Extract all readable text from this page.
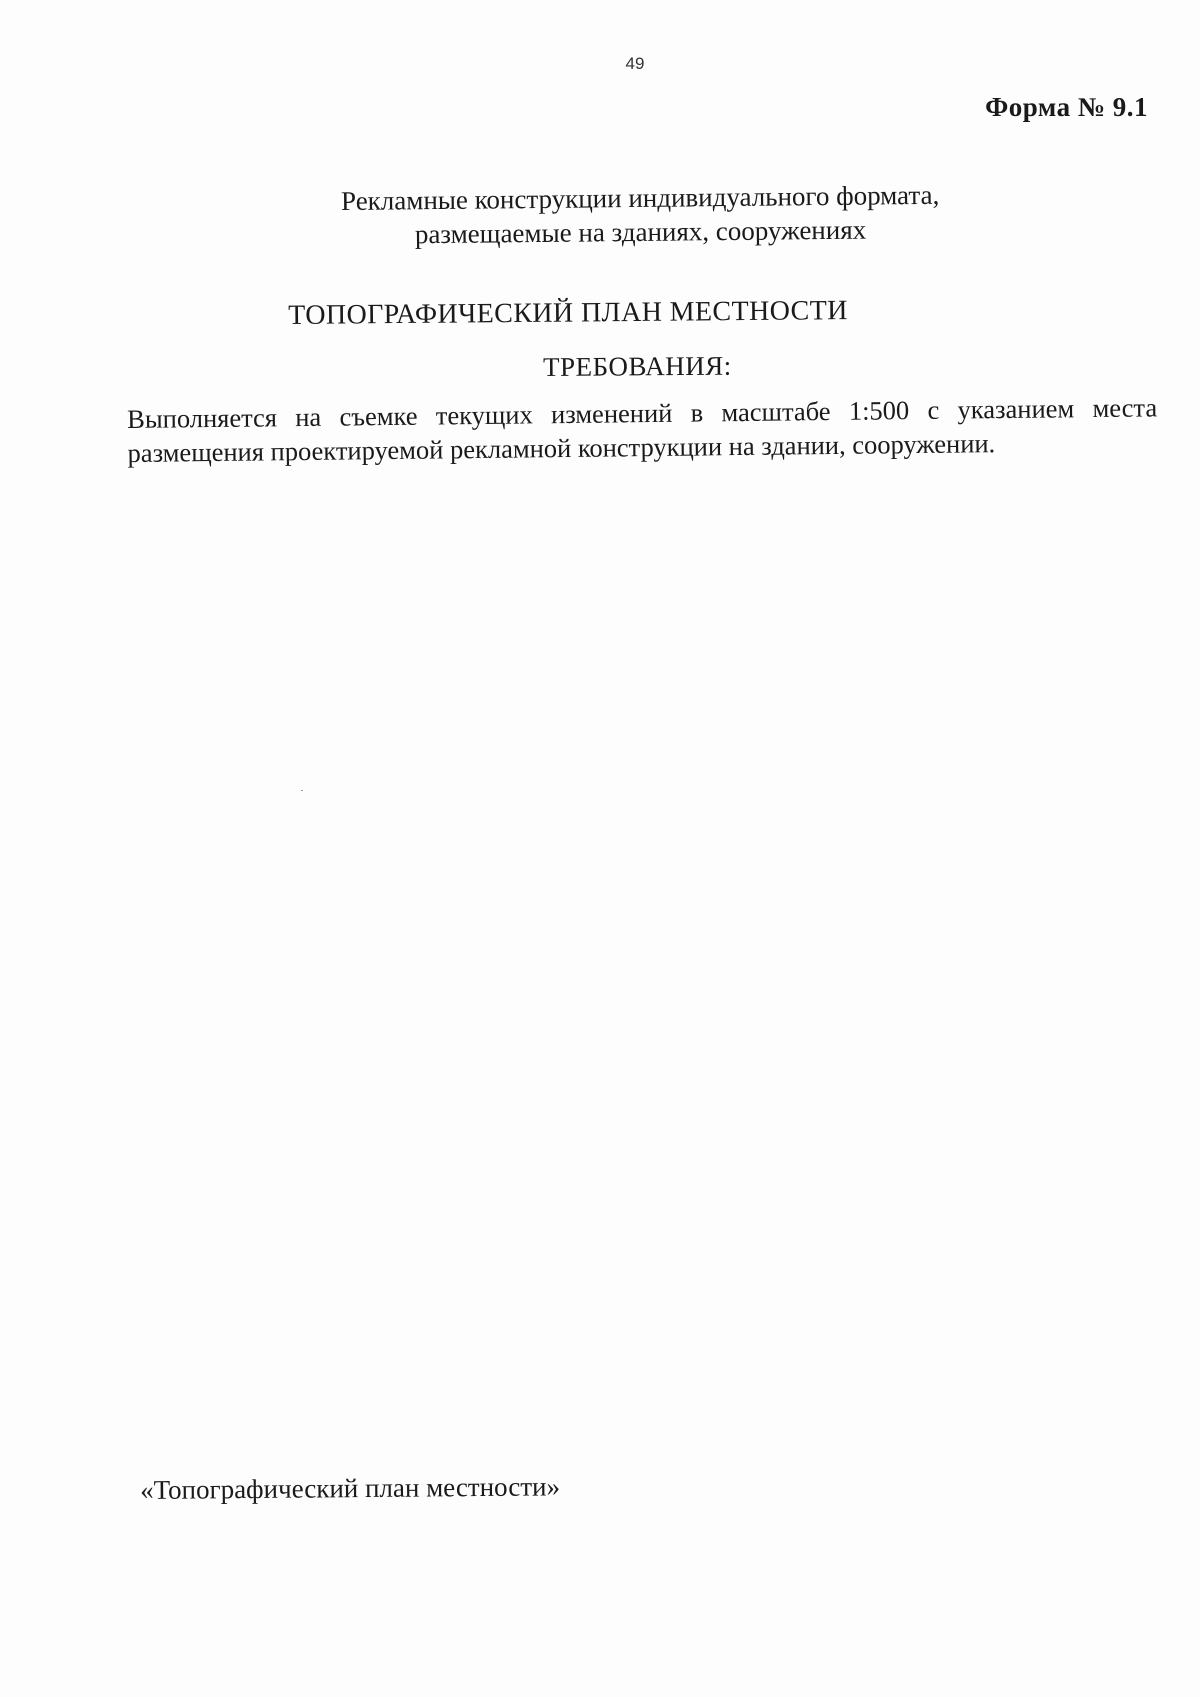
49
Форма № 9.1
Рекламные конструкции индивидуального формата,
размещаемые на зданиях, сооружениях
ТОПОГРАФИЧЕСКИЙ ПЛАН МЕСТНОСТИ
ТРЕБОВАНИЯ:
Выполняется на съемке текущих изменений в масштабе 1:500 с указанием места размещения проектируемой рекламной конструкции на здании, сооружении.
«Топографический план местности»
